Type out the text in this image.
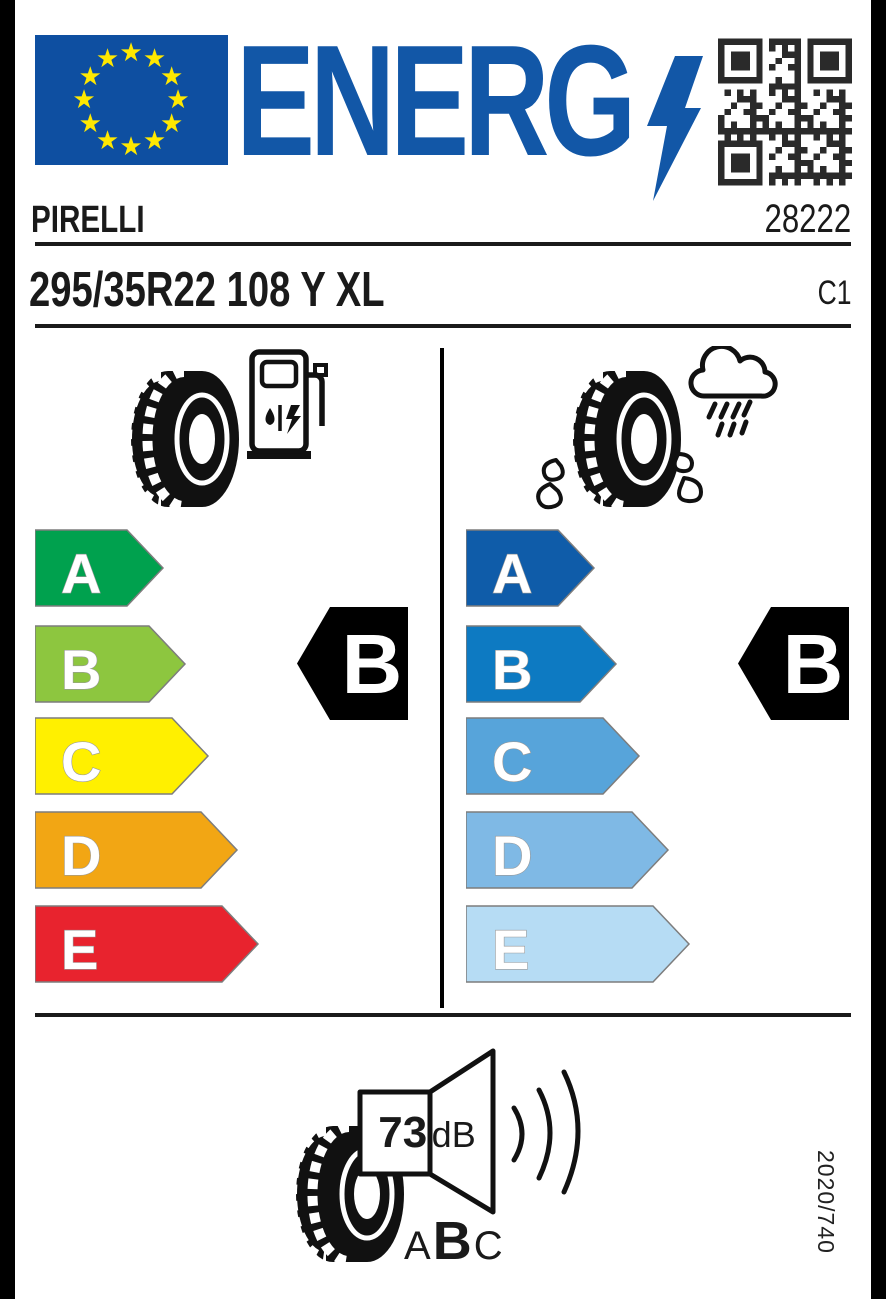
★ ★
★
★
★
★
★
★
★
★
★
★ ENERG
PIRELLI	28222
295/35R22 108 Y XL	C1
A
B
C
D
E
A
B
C
D
E
B	B
73 dB
A B C	2020/740
